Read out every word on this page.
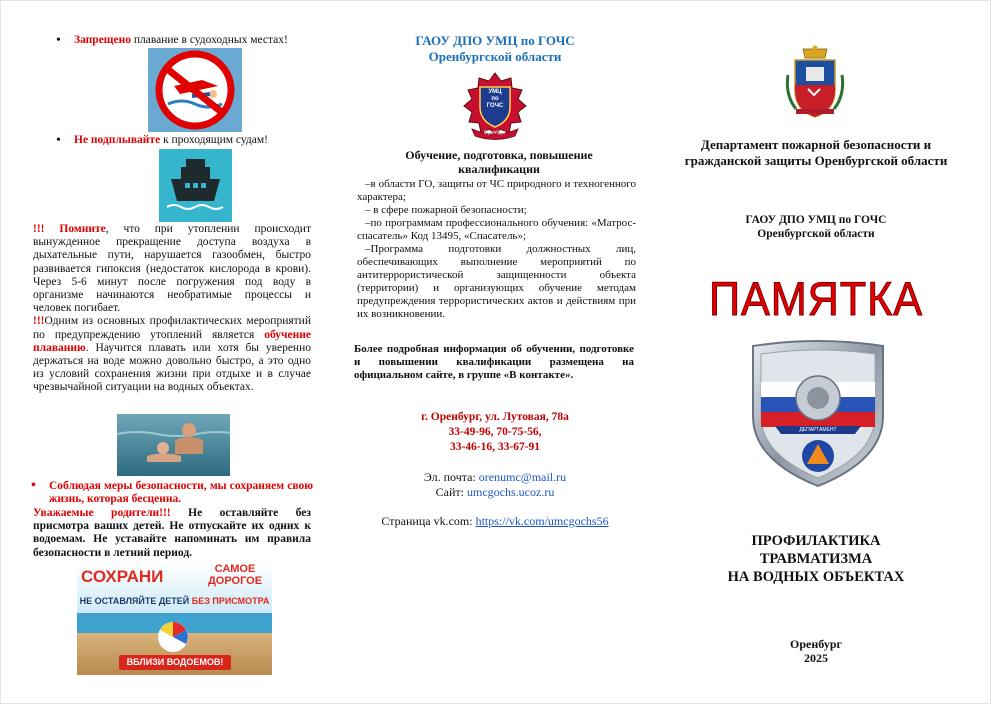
• Запрещено плавание в судоходных местах!
• Не подплывайте к проходящим судам!

!!! Помните, что при утоплении происходит вынужденное прекращение доступа воздуха в дыхательные пути, нарушается газообмен, быстро развивается гипоксия (недостаток кислорода в крови). Через 5-6 минут после погружения под воду в организме начинаются необратимые процессы и человек погибает.

!!!Одним из основных профилактических мероприятий по предупреждению утоплений является обучение плаванию. Научится плавать или хотя бы уверенно держаться на воде можно довольно быстро, а это одно из условий сохранения жизни при отдыхе и в случае чрезвычайной ситуации на водных объектах.

• Соблюдая меры безопасности, мы сохраняем свою жизнь, которая бесценна.

Уважаемые родители!!! Не оставляйте без присмотра ваших детей. Не отпускайте их одних к водоемам. Не уставайте напоминать им правила безопасности в летний период.

СОХРАНИ	САМОЕ
ДОРОГОЕ
НЕ ОСТАВЛЯЙТЕ ДЕТЕЙ БЕЗ ПРИСМОТРА
ВБЛИЗИ ВОДОЕМОВ!
ГАОУ ДПО УМЦ по ГОЧС
Оренбургской области
УМЦ
по
ГОЧС
Оренбург
Обучение, подготовка, повышение квалификации

‒в области ГО, защиты от ЧС природного и техногенного характера;

‒ в сфере пожарной безопасности;

‒по программам профессионального обучения: «Матрос-спасатель» Код 13495, «Спасатель»;

‒Программа подготовки должностных лиц, обеспечивающих выполнение мероприятий по антитеррористической защищенности объекта (территории) и организующих обучение методам предупреждения террористических актов и действиям при их возникновении.

Более подробная информация об обучении, подготовке и повышении квалификации размещена на официальном сайте, в группе «В контакте».

г. Оренбург, ул. Лутовая, 78а
33-49-96, 70-75-56,
33-46-16, 33-67-91
Эл. почта: orenumc@mail.ru
Сайт: umcgochs.ucoz.ru
Страница vk.com: https://vk.com/umcgochs56
Департамент пожарной безопасности и гражданской защиты Оренбургской области
ГАОУ ДПО УМЦ по ГОЧС
Оренбургской области
ПАМЯТКА
ДЕПАРТАМЕНТ
ПРОФИЛАКТИКА
ТРАВМАТИЗМА
НА ВОДНЫХ ОБЪЕКТАХ
Оренбург
2025
